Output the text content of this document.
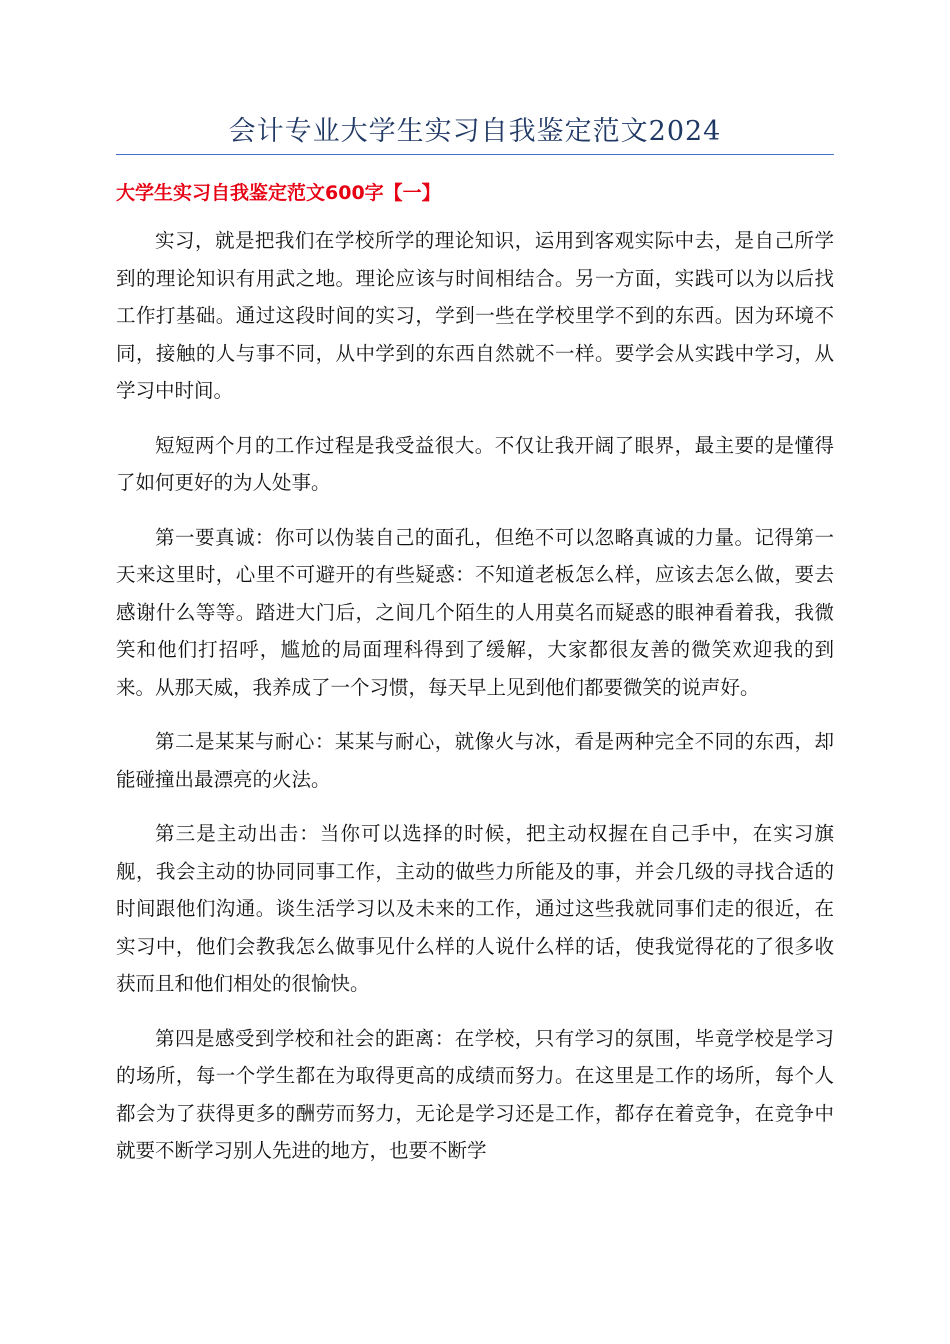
会计专业大学生实习自我鉴定范文2024
大学生实习自我鉴定范文600字【一】

实习，就是把我们在学校所学的理论知识，运用到客观实际中去，是自己所学到的理论知识有用武之地。理论应该与时间相结合。另一方面，实践可以为以后找工作打基础。通过这段时间的实习，学到一些在学校里学不到的东西。因为环境不同，接触的人与事不同，从中学到的东西自然就不一样。要学会从实践中学习，从学习中时间。

短短两个月的工作过程是我受益很大。不仅让我开阔了眼界，最主要的是懂得了如何更好的为人处事。

第一要真诚：你可以伪装自己的面孔，但绝不可以忽略真诚的力量。记得第一天来这里时，心里不可避开的有些疑惑：不知道老板怎么样，应该去怎么做，要去感谢什么等等。踏进大门后，之间几个陌生的人用莫名而疑惑的眼神看着我，我微笑和他们打招呼，尴尬的局面理科得到了缓解，大家都很友善的微笑欢迎我的到来。从那天威，我养成了一个习惯，每天早上见到他们都要微笑的说声好。

第二是某某与耐心：某某与耐心，就像火与冰，看是两种完全不同的东西，却能碰撞出最漂亮的火法。

第三是主动出击：当你可以选择的时候，把主动权握在自己手中，在实习旗舰，我会主动的协同同事工作，主动的做些力所能及的事，并会几级的寻找合适的时间跟他们沟通。谈生活学习以及未来的工作，通过这些我就同事们走的很近，在实习中，他们会教我怎么做事见什么样的人说什么样的话，使我觉得花的了很多收获而且和他们相处的很愉快。

第四是感受到学校和社会的距离：在学校，只有学习的氛围，毕竟学校是学习的场所，每一个学生都在为取得更高的成绩而努力。在这里是工作的场所，每个人都会为了获得更多的酬劳而努力，无论是学习还是工作，都存在着竞争，在竞争中就要不断学习别人先进的地方，也要不断学
